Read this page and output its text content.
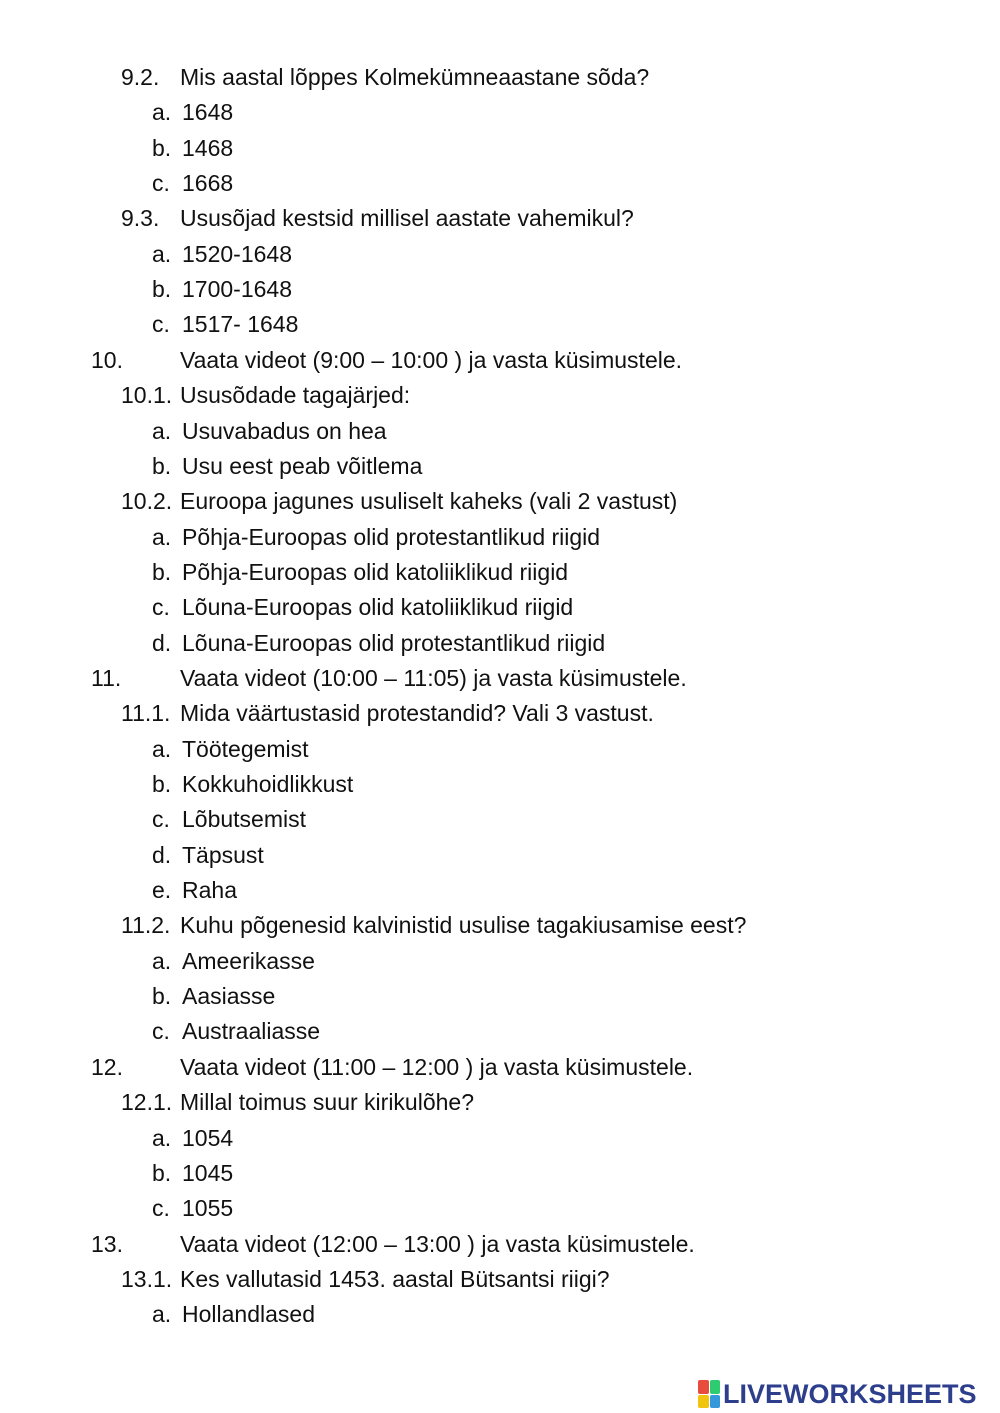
9.2. Mis aastal lõppes Kolmekümneaastane sõda?
a. 1648
b. 1468
c. 1668
9.3. Ususõjad kestsid millisel aastate vahemikul?
a. 1520-1648
b. 1700-1648
c. 1517- 1648
10. Vaata videot (9:00 – 10:00 ) ja vasta küsimustele.
10.1. Ususõdade tagajärjed:
a. Usuvabadus on hea
b. Usu eest peab võitlema
10.2. Euroopa jagunes usuliselt kaheks (vali 2 vastust)
a. Põhja-Euroopas olid protestantlikud riigid
b. Põhja-Euroopas olid katoliiklikud riigid
c. Lõuna-Euroopas olid katoliiklikud riigid
d. Lõuna-Euroopas olid protestantlikud riigid
11.	Vaata videot (10:00 – 11:05) ja vasta küsimustele.
11.1. Mida väärtustasid protestandid? Vali 3 vastust.
a. Töötegemist
b. Kokkuhoidlikkust
c. Lõbutsemist
d. Täpsust
e. Raha
11.2. Kuhu põgenesid kalvinistid usulise tagakiusamise eest?
a. Ameerikasse
b. Aasiasse
c. Austraaliasse
12. Vaata videot (11:00 – 12:00 ) ja vasta küsimustele.
12.1. Millal toimus suur kirikulõhe?
a. 1054
b. 1045
c. 1055
13. Vaata videot (12:00 – 13:00 ) ja vasta küsimustele.
13.1. Kes vallutasid 1453. aastal Bütsantsi riigi?
a. Hollandlased
LIVEWORKSHEETS
